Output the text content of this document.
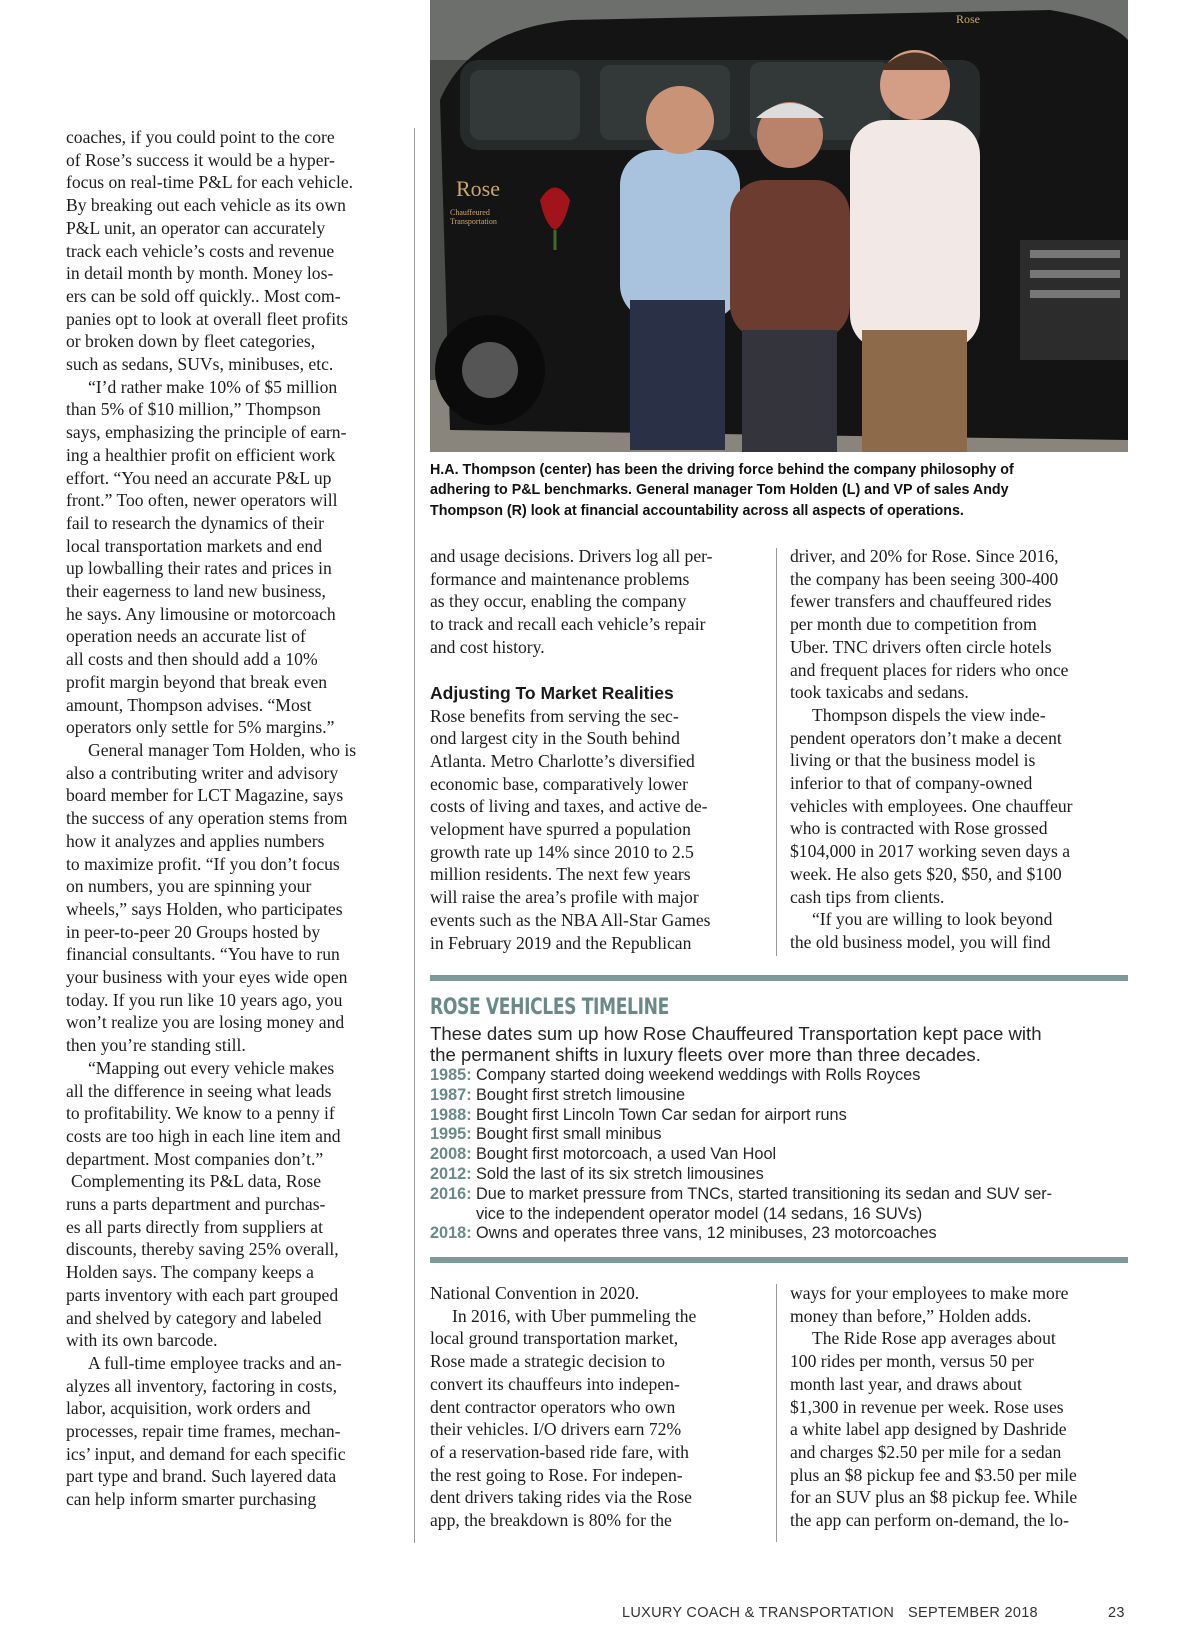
coaches, if you could point to the core
of Rose’s success it would be a hyper-
focus on real-time P&L for each vehicle.
By breaking out each vehicle as its own
P&L unit, an operator can accurately
track each vehicle’s costs and revenue
in detail month by month. Money los-
ers can be sold off quickly.. Most com-
panies opt to look at overall fleet profits
or broken down by fleet categories,
such as sedans, SUVs, minibuses, etc.

“I’d rather make 10% of $5 million
than 5% of $10 million,” Thompson
says, emphasizing the principle of earn-
ing a healthier profit on efficient work
effort. “You need an accurate P&L up
front.” Too often, newer operators will
fail to research the dynamics of their
local transportation markets and end
up lowballing their rates and prices in
their eagerness to land new business,
he says. Any limousine or motorcoach
operation needs an accurate list of
all costs and then should add a 10%
profit margin beyond that break even
amount, Thompson advises. “Most
operators only settle for 5% margins.”

General manager Tom Holden, who is
also a contributing writer and advisory
board member for LCT Magazine, says
the success of any operation stems from
how it analyzes and applies numbers
to maximize profit. “If you don’t focus
on numbers, you are spinning your
wheels,” says Holden, who participates
in peer-to-peer 20 Groups hosted by
financial consultants. “You have to run
your business with your eyes wide open
today. If you run like 10 years ago, you
won’t realize you are losing money and
then you’re standing still.

“Mapping out every vehicle makes
all the difference in seeing what leads
to profitability. We know to a penny if
costs are too high in each line item and
department. Most companies don’t.”

Complementing its P&L data, Rose
runs a parts department and purchas-
es all parts directly from suppliers at
discounts, thereby saving 25% overall,
Holden says. The company keeps a
parts inventory with each part grouped
and shelved by category and labeled
with its own barcode.

A full-time employee tracks and an-
alyzes all inventory, factoring in costs,
labor, acquisition, work orders and
processes, repair time frames, mechan-
ics’ input, and demand for each specific
part type and brand. Such layered data
can help inform smarter purchasing

Rose
Chauffeured Transportation
Rose
H.A. Thompson (center) has been the driving force behind the company philosophy of
adhering to P&L benchmarks. General manager Tom Holden (L) and VP of sales Andy
Thompson (R) look at financial accountability across all aspects of operations.

and usage decisions. Drivers log all per-
formance and maintenance problems
as they occur, enabling the company
to track and recall each vehicle’s repair
and cost history.

Adjusting To Market Realities

Rose benefits from serving the sec-
ond largest city in the South behind
Atlanta. Metro Charlotte’s diversified
economic base, comparatively lower
costs of living and taxes, and active de-
velopment have spurred a population
growth rate up 14% since 2010 to 2.5
million residents. The next few years
will raise the area’s profile with major
events such as the NBA All-Star Games
in February 2019 and the Republican

driver, and 20% for Rose. Since 2016,
the company has been seeing 300-400
fewer transfers and chauffeured rides
per month due to competition from
Uber. TNC drivers often circle hotels
and frequent places for riders who once
took taxicabs and sedans.

Thompson dispels the view inde-
pendent operators don’t make a decent
living or that the business model is
inferior to that of company-owned
vehicles with employees. One chauffeur
who is contracted with Rose grossed
$104,000 in 2017 working seven days a
week. He also gets $20, $50, and $100
cash tips from clients.

“If you are willing to look beyond
the old business model, you will find

ROSE VEHICLES TIMELINE
These dates sum up how Rose Chauffeured Transportation kept pace with
the permanent shifts in luxury fleets over more than three decades.
1985: Company started doing weekend weddings with Rolls Royces
1987: Bought first stretch limousine
1988: Bought first Lincoln Town Car sedan for airport runs
1995: Bought first small minibus
2008: Bought first motorcoach, a used Van Hool
2012: Sold the last of its six stretch limousines
2016: Due to market pressure from TNCs, started transitioning its sedan and SUV ser-
vice to the independent operator model (14 sedans, 16 SUVs)
2018: Owns and operates three vans, 12 minibuses, 23 motorcoaches

National Convention in 2020.

In 2016, with Uber pummeling the
local ground transportation market,
Rose made a strategic decision to
convert its chauffeurs into indepen-
dent contractor operators who own
their vehicles. I/O drivers earn 72%
of a reservation-based ride fare, with
the rest going to Rose. For indepen-
dent drivers taking rides via the Rose
app, the breakdown is 80% for the

ways for your employees to make more
money than before,” Holden adds.

The Ride Rose app averages about
100 rides per month, versus 50 per
month last year, and draws about
$1,300 in revenue per week. Rose uses
a white label app designed by Dashride
and charges $2.50 per mile for a sedan
plus an $8 pickup fee and $3.50 per mile
for an SUV plus an $8 pickup fee. While
the app can perform on-demand, the lo-

LUXURY COACH & TRANSPORTATION SEPTEMBER 2018	23
